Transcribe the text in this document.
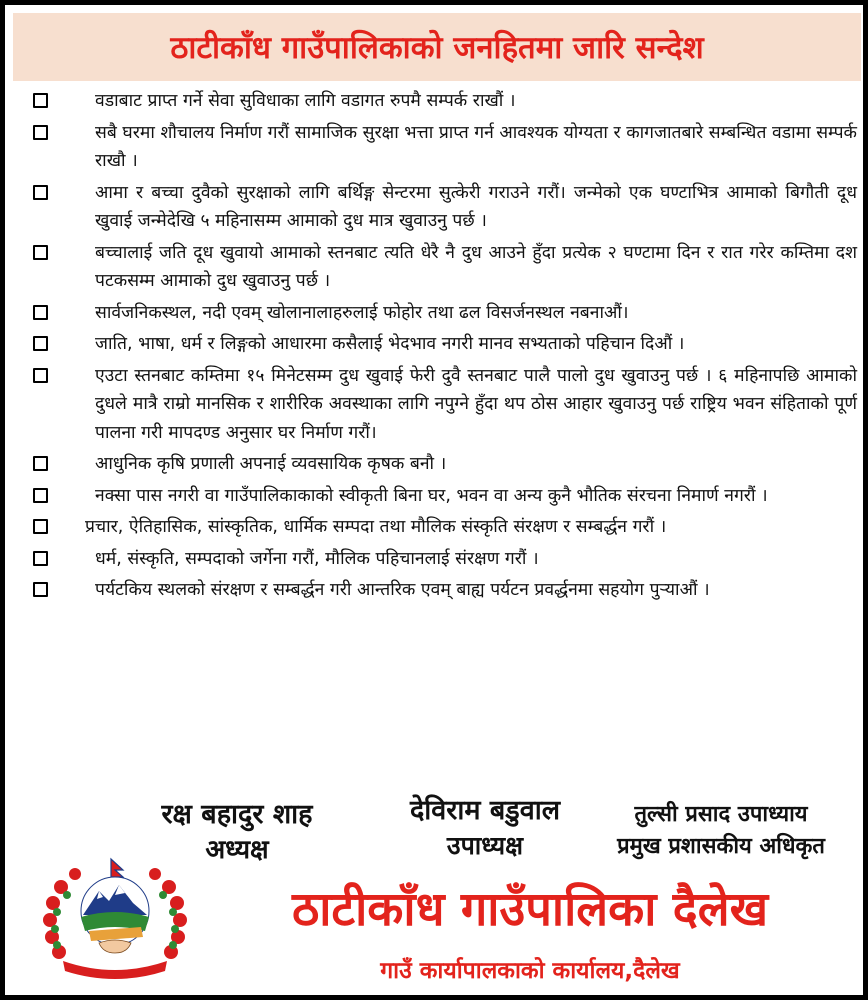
ठाटीकाँध गाउँपालिकाको जनहितमा जारि सन्देश
वडाबाट प्राप्त गर्ने सेवा सुविधाका लागि वडागत रुपमै सम्पर्क राखौं ।
सबै घरमा शौचालय निर्माण गरौं सामाजिक सुरक्षा भत्ता प्राप्त गर्न आवश्यक योग्यता र कागजातबारे सम्बन्धित वडामा सम्पर्क राखौ ।
आमा र बच्चा दुवैको सुरक्षाको लागि बर्थिङ्ग सेन्टरमा सुत्केरी गराउने गरौं। जन्मेको एक घण्टाभित्र आमाको बिगौती दूध खुवाई जन्मेदेखि ५ महिनासम्म आमाको दुध मात्र खुवाउनु पर्छ ।
बच्चालाई जति दूध खुवायो आमाको स्तनबाट त्यति धेरै नै दुध आउने हुँदा प्रत्येक २ घण्टामा दिन र रात गरेर कम्तिमा दश पटकसम्म आमाको दुध खुवाउनु पर्छ ।
सार्वजनिकस्थल, नदी एवम् खोलानालाहरुलाई फोहोर तथा ढल विसर्जनस्थल नबनाऔं।
जाति, भाषा, धर्म र लिङ्गको आधारमा कसैलाई भेदभाव नगरी मानव सभ्यताको पहिचान दिऔं ।
एउटा स्तनबाट कम्तिमा १५ मिनेटसम्म दुध खुवाई फेरी दुवै स्तनबाट पालै पालो दुध खुवाउनु पर्छ । ६ महिनापछि आमाको दुधले मात्रै राम्रो मानसिक र शारीरिक अवस्थाका लागि नपुग्ने हुँदा थप ठोस आहार खुवाउनु पर्छ राष्ट्रिय भवन संहिताको पूर्ण पालना गरी मापदण्ड अनुसार घर निर्माण गरौं।
आधुनिक कृषि प्रणाली अपनाई व्यवसायिक कृषक बनौ ।
नक्सा पास नगरी वा गाउँपालिकाकाको स्वीकृती बिना घर, भवन वा अन्य कुनै भौतिक संरचना निमार्ण नगरौं ।
प्रचार, ऐतिहासिक, सांस्कृतिक, धार्मिक सम्पदा तथा मौलिक संस्कृति संरक्षण र सम्बर्द्धन गरौं ।
धर्म, संस्कृति, सम्पदाको जर्गेना गरौं, मौलिक पहिचानलाई संरक्षण गरौं ।
पर्यटकिय स्थलको संरक्षण र सम्बर्द्धन गरी आन्तरिक एवम् बाह्य पर्यटन प्रवर्द्धनमा सहयोग पुर्‍याऔं ।
रक्ष बहादुर शाह
अध्यक्ष
देविराम बडुवाल
उपाध्यक्ष
तुल्सी प्रसाद उपाध्याय
प्रमुख प्रशासकीय अधिकृत
ठाटीकाँध गाउँपालिका दैलेख
गाउँ कार्यापालकाको कार्यालय,दैलेख
